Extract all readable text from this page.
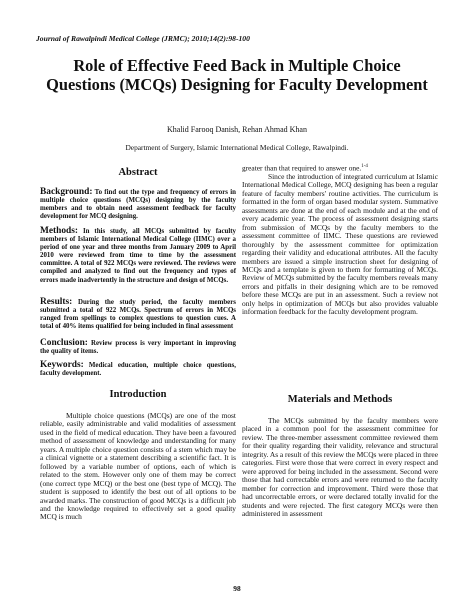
Journal of Rawalpindi Medical College (JRMC); 2010;14(2):98-100
Role of Effective Feed Back in Multiple Choice Questions (MCQs) Designing for Faculty Development
Khalid Farooq Danish, Rehan Ahmad Khan
Department of Surgery, Islamic International Medical College, Rawalpindi.
Abstract
Background: To find out the type and frequency of errors in multiple choice questions (MCQs) designing by the faculty members and to obtain need assessment feedback for faculty development for MCQ designing.
Methods: In this study, all MCQs submitted by faculty members of Islamic International Medical College (IIMC) over a period of one year and three months from January 2009 to April 2010 were reviewed from time to time by the assessment committee. A total of 922 MCQs were reviewed. The reviews were compiled and analyzed to find out the frequency and types of errors made inadvertently in the structure and design of MCQs.
Results: During the study period, the faculty members submitted a total of 922 MCQs. Spectrum of errors in MCQs ranged from spellings to complex questions to question cues. A total of 40% items qualified for being included in final assessment
Conclusion: Review process is very important in improving the quality of items.
Keywords: Medical education, multiple choice questions, faculty development.
Introduction
Multiple choice questions (MCQs) are one of the most reliable, easily administrable and valid modalities of assessment used in the field of medical education. They have been a favoured method of assessment of knowledge and understanding for many years. A multiple choice question consists of a stem which may be a clinical vignette or a statement describing a scientific fact. It is followed by a variable number of options, each of which is related to the stem. However only one of them may be correct (one correct type MCQ) or the best one (best type of MCQ). The student is supposed to identify the best out of all options to be awarded marks. The construction of good MCQs is a difficult job and the knowledge required to effectively set a good quality MCQ is much
greater than that required to answer one.$^{1-4}$
Since the introduction of integrated curriculum at Islamic International Medical College, MCQ designing has been a regular feature of faculty members' routine activities. The curriculum is formatted in the form of organ based modular system. Summative assessments are done at the end of each module and at the end of every academic year. The process of assessment designing starts from submission of MCQs by the faculty members to the assessment committee of IIMC. These questions are reviewed thoroughly by the assessment committee for optimization regarding their validity and educational attributes. All the faculty members are issued a simple instruction sheet for designing of MCQs and a template is given to them for formatting of MCQs. Review of MCQs submitted by the faculty members reveals many errors and pitfalls in their designing which are to be removed before these MCQs are put in an assessment. Such a review not only helps in optimization of MCQs but also provides valuable information feedback for the faculty development program.
Materials and Methods
The MCQs submitted by the faculty members were placed in a common pool for the assessment committee for review. The three-member assessment committee reviewed them for their quality regarding their validity, relevance and structural integrity. As a result of this review the MCQs were placed in three categories. First were those that were correct in every respect and were approved for being included in the assessment. Second were those that had correctable errors and were returned to the faculty member for correction and improvement. Third were those that had uncorrectable errors, or were declared totally invalid for the students and were rejected. The first category MCQs were then administered in assessment
98
